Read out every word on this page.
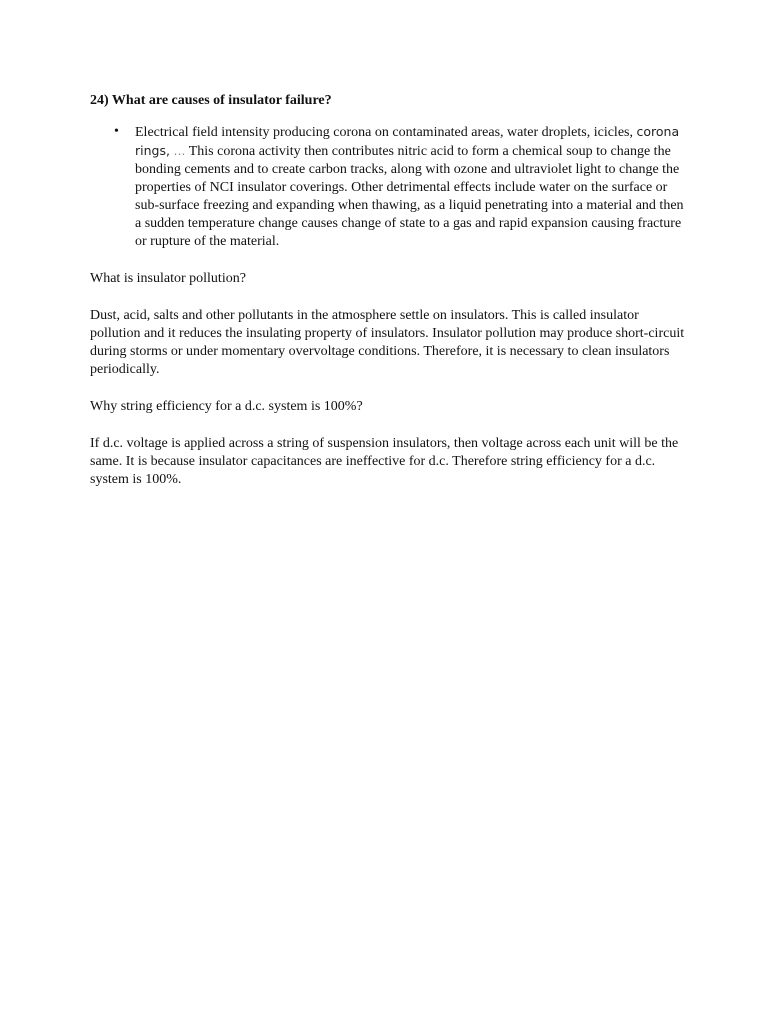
24) What are causes of insulator failure?

• Electrical field intensity producing corona on contaminated areas, water droplets, icicles, corona rings, … This corona activity then contributes nitric acid to form a chemical soup to change the bonding cements and to create carbon tracks, along with ozone and ultraviolet light to change the properties of NCI insulator coverings. Other detrimental effects include water on the surface or sub-surface freezing and expanding when thawing, as a liquid penetrating into a material and then a sudden temperature change causes change of state to a gas and rapid expansion causing fracture or rupture of the material.

What is insulator pollution?

Dust, acid, salts and other pollutants in the atmosphere settle on insulators. This is called insulator pollution and it reduces the insulating property of insulators. Insulator pollution may produce short-circuit during storms or under momentary overvoltage conditions. Therefore, it is necessary to clean insulators periodically.

Why string efficiency for a d.c. system is 100%?

If d.c. voltage is applied across a string of suspension insulators, then voltage across each unit will be the same. It is because insulator capacitances are ineffective for d.c. Therefore string efficiency for a d.c. system is 100%.
